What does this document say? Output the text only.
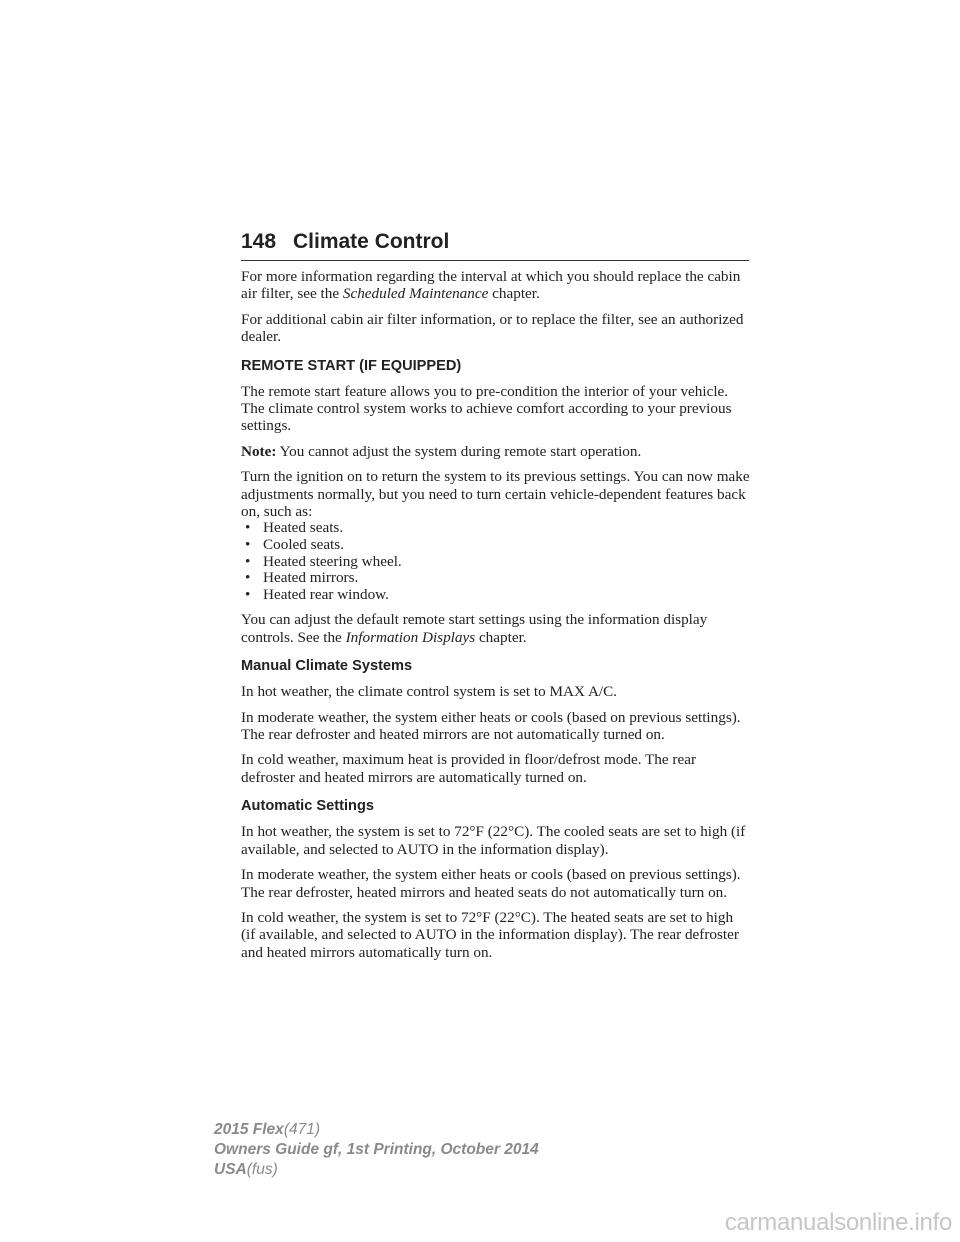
148 Climate Control

For more information regarding the interval at which you should replace the cabin air filter, see the Scheduled Maintenance chapter.

For additional cabin air filter information, or to replace the filter, see an authorized dealer.

REMOTE START (IF EQUIPPED)

The remote start feature allows you to pre-condition the interior of your vehicle. The climate control system works to achieve comfort according to your previous settings.

Note: You cannot adjust the system during remote start operation.

Turn the ignition on to return the system to its previous settings. You can now make adjustments normally, but you need to turn certain vehicle-dependent features back on, such as:

• Heated seats.
• Cooled seats.
• Heated steering wheel.
• Heated mirrors.
• Heated rear window.

You can adjust the default remote start settings using the information display controls. See the Information Displays chapter.

Manual Climate Systems

In hot weather, the climate control system is set to MAX A/C.

In moderate weather, the system either heats or cools (based on previous settings). The rear defroster and heated mirrors are not automatically turned on.

In cold weather, maximum heat is provided in floor/defrost mode. The rear defroster and heated mirrors are automatically turned on.

Automatic Settings

In hot weather, the system is set to 72°F (22°C). The cooled seats are set to high (if available, and selected to AUTO in the information display).

In moderate weather, the system either heats or cools (based on previous settings). The rear defroster, heated mirrors and heated seats do not automatically turn on.

In cold weather, the system is set to 72°F (22°C). The heated seats are set to high (if available, and selected to AUTO in the information display). The rear defroster and heated mirrors automatically turn on.

2015 Flex(471)
Owners Guide gf, 1st Printing, October 2014
USA(fus)
carmanualsonline.info
